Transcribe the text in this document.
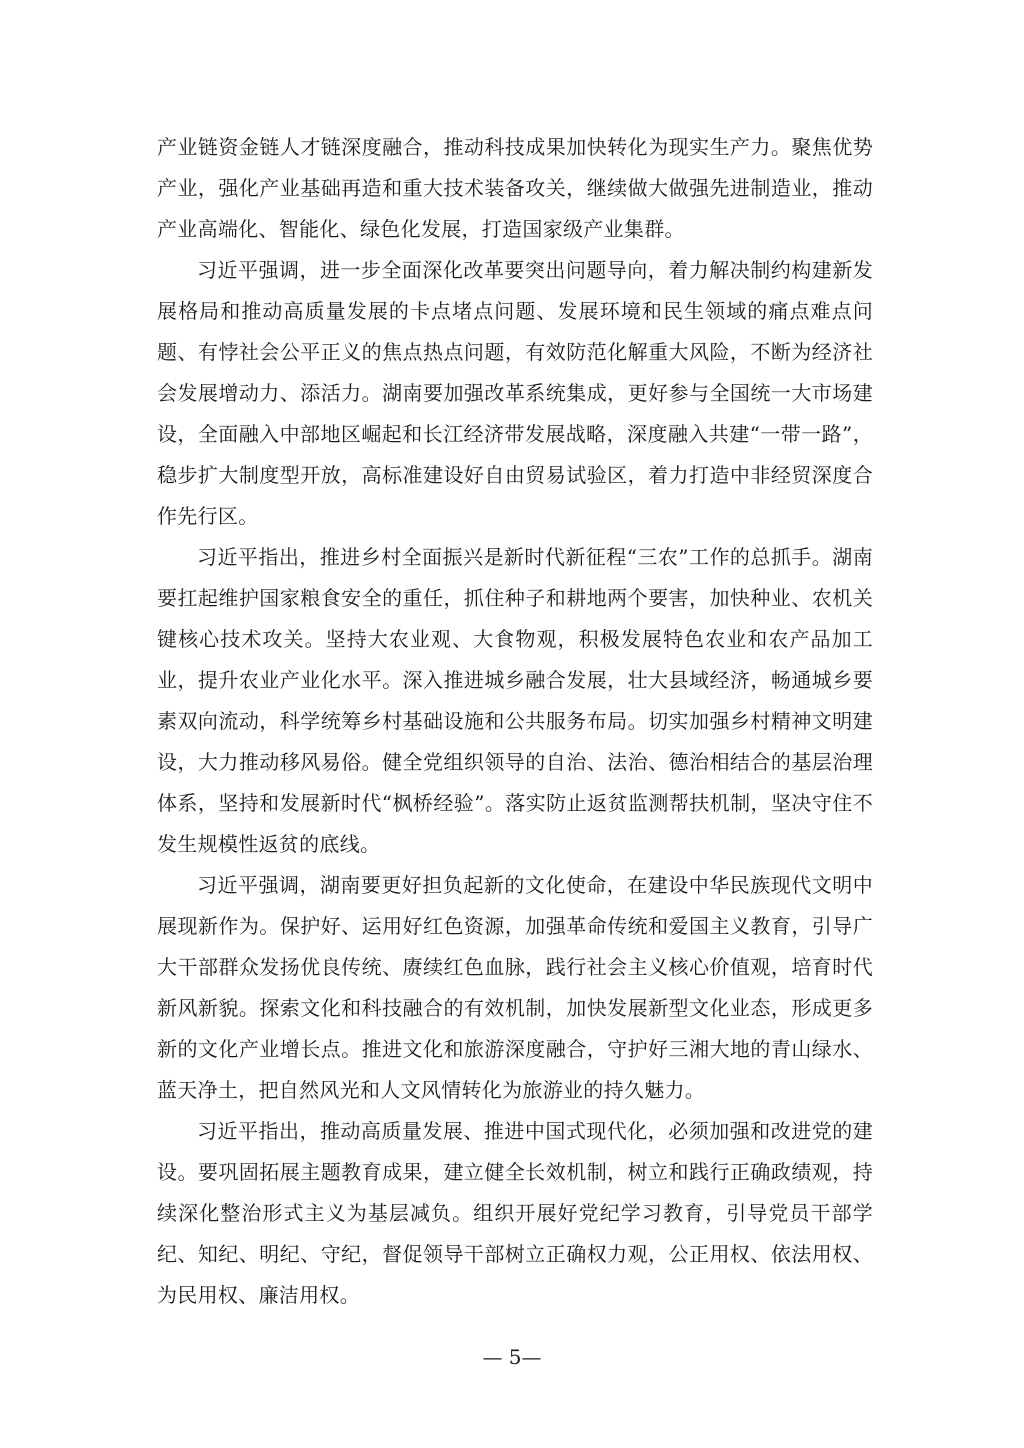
产业链资金链人才链深度融合，推动科技成果加快转化为现实生产力。聚焦优势产业，强化产业基础再造和重大技术装备攻关，继续做大做强先进制造业，推动产业高端化、智能化、绿色化发展，打造国家级产业集群。

习近平强调，进一步全面深化改革要突出问题导向，着力解决制约构建新发展格局和推动高质量发展的卡点堵点问题、发展环境和民生领域的痛点难点问题、有悖社会公平正义的焦点热点问题，有效防范化解重大风险，不断为经济社会发展增动力、添活力。湖南要加强改革系统集成，更好参与全国统一大市场建设，全面融入中部地区崛起和长江经济带发展战略，深度融入共建“一带一路”，稳步扩大制度型开放，高标准建设好自由贸易试验区，着力打造中非经贸深度合作先行区。

习近平指出，推进乡村全面振兴是新时代新征程“三农”工作的总抓手。湖南要扛起维护国家粮食安全的重任，抓住种子和耕地两个要害，加快种业、农机关键核心技术攻关。坚持大农业观、大食物观，积极发展特色农业和农产品加工业，提升农业产业化水平。深入推进城乡融合发展，壮大县域经济，畅通城乡要素双向流动，科学统筹乡村基础设施和公共服务布局。切实加强乡村精神文明建设，大力推动移风易俗。健全党组织领导的自治、法治、德治相结合的基层治理体系，坚持和发展新时代“枫桥经验”。落实防止返贫监测帮扶机制，坚决守住不发生规模性返贫的底线。

习近平强调，湖南要更好担负起新的文化使命，在建设中华民族现代文明中展现新作为。保护好、运用好红色资源，加强革命传统和爱国主义教育，引导广大干部群众发扬优良传统、赓续红色血脉，践行社会主义核心价值观，培育时代新风新貌。探索文化和科技融合的有效机制，加快发展新型文化业态，形成更多新的文化产业增长点。推进文化和旅游深度融合，守护好三湘大地的青山绿水、蓝天净土，把自然风光和人文风情转化为旅游业的持久魅力。

习近平指出，推动高质量发展、推进中国式现代化，必须加强和改进党的建设。要巩固拓展主题教育成果，建立健全长效机制，树立和践行正确政绩观，持续深化整治形式主义为基层减负。组织开展好党纪学习教育，引导党员干部学纪、知纪、明纪、守纪，督促领导干部树立正确权力观，公正用权、依法用权、为民用权、廉洁用权。

— 5—
